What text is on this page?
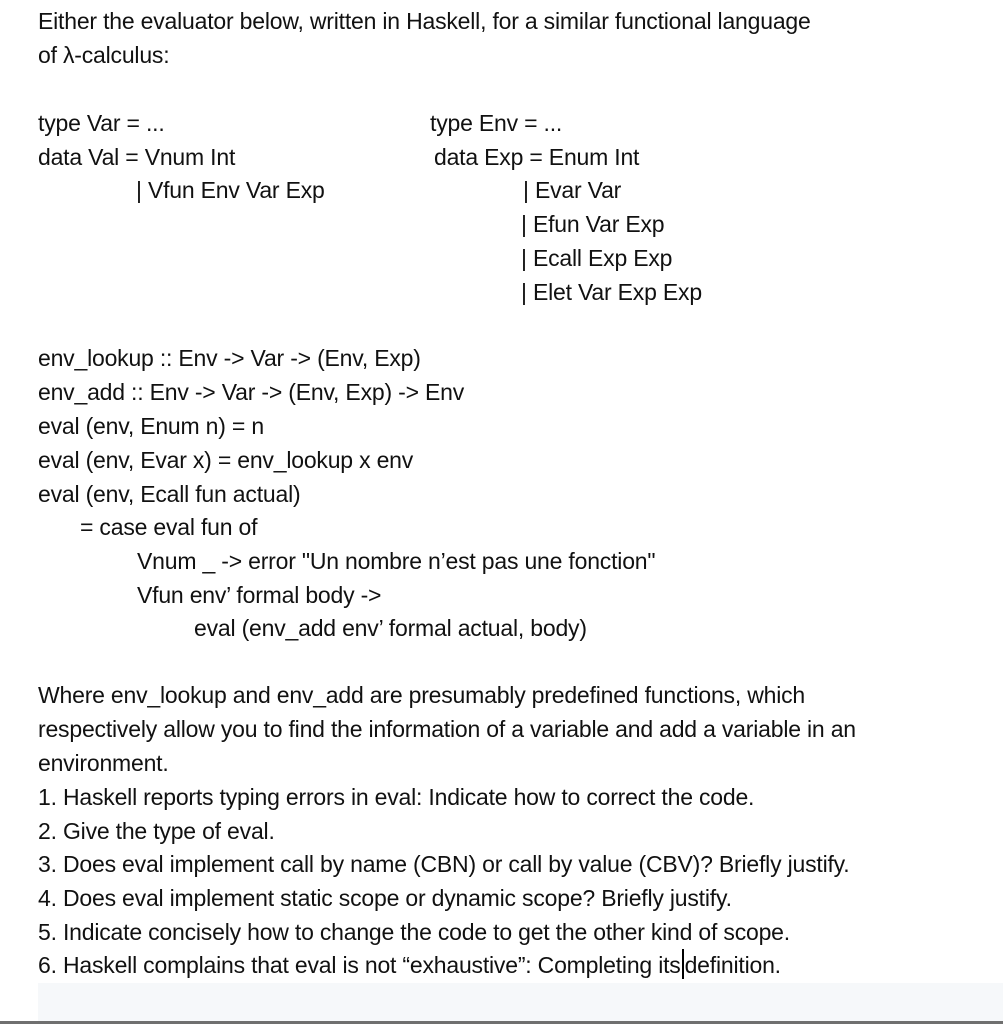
Either the evaluator below, written in Haskell, for a similar functional language
of λ-calculus:
type Var = ...
data Val = Vnum Int
| Vfun Env Var Exp
type Env = ...
data Exp = Enum Int
| Evar Var
| Efun Var Exp
| Ecall Exp Exp
| Elet Var Exp Exp
env_lookup :: Env -> Var -> (Env, Exp)
env_add :: Env -> Var -> (Env, Exp) -> Env
eval (env, Enum n) = n
eval (env, Evar x) = env_lookup x env
eval (env, Ecall fun actual)
= case eval fun of
Vnum _ -> error "Un nombre n’est pas une fonction"
Vfun env’ formal body ->
eval (env_add env’ formal actual, body)
Where env_lookup and env_add are presumably predefined functions, which
respectively allow you to find the information of a variable and add a variable in an
environment.
1. Haskell reports typing errors in eval: Indicate how to correct the code.
2. Give the type of eval.
3. Does eval implement call by name (CBN) or call by value (CBV)? Briefly justify.
4. Does eval implement static scope or dynamic scope? Briefly justify.
5. Indicate concisely how to change the code to get the other kind of scope.
6. Haskell complains that eval is not “exhaustive”: Completing its definition.
